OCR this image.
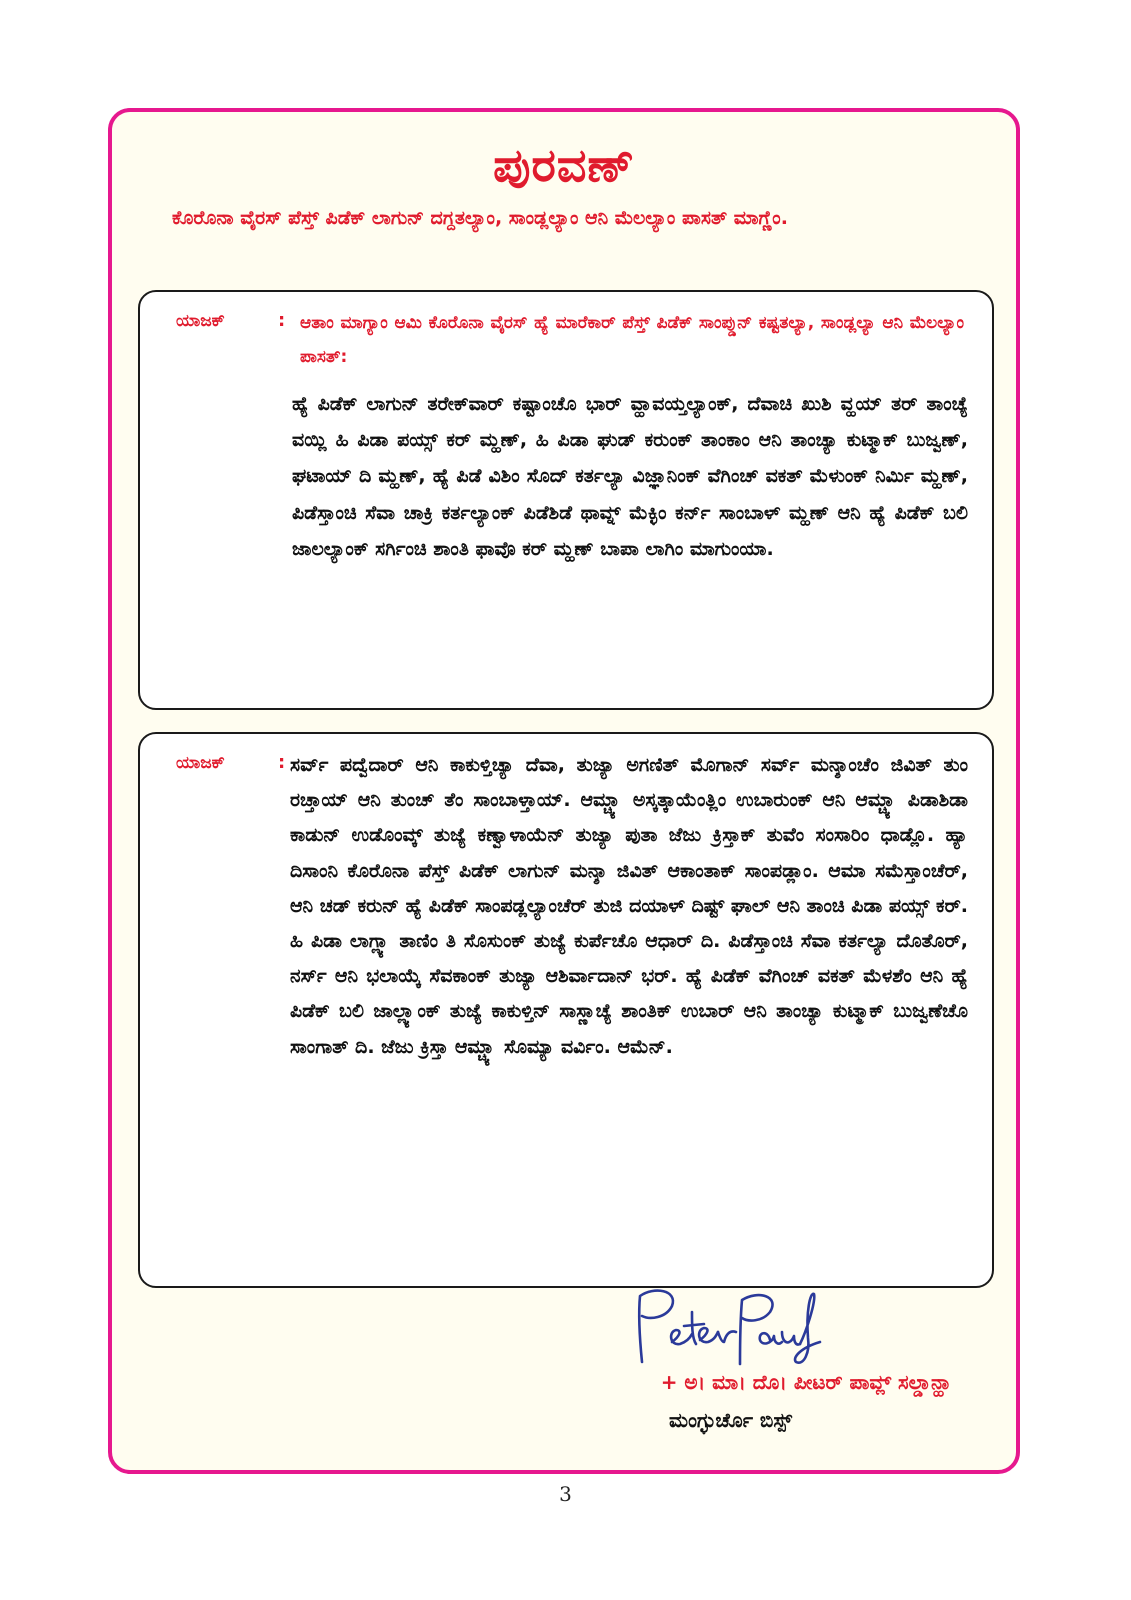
ಪುರವಣ್
ಕೊರೊನಾ ವೈರಸ್ ಪೆಸ್ತ್ ಪಿಡೆಕ್ ಲಾಗುನ್ ದಗ್ದತಲ್ಯಾಂ, ಸಾಂಡ್ಲಲ್ಯಾಂ ಆನಿ ಮೆಲಲ್ಯಾಂ ಪಾಸತ್ ಮಾಗ್ಣೆಂ.
ಯಾಜಕ್	: ಆತಾಂ ಮಾಗ್ಯಾಂ ಆಮಿ ಕೊರೊನಾ ವೈರಸ್ ಹ್ಯೆ ಮಾರೆಕಾರ್ ಪೆಸ್ತ್ ಪಿಡೆಕ್ ಸಾಂಪ್ಡುನ್ ಕಷ್ಟತಲ್ಯಾ, ಸಾಂಡ್ಲಲ್ಯಾ ಆನಿ ಮೆಲಲ್ಯಾಂ ಪಾಸತ್:
ಹ್ಯೆ ಪಿಡೆಕ್ ಲಾಗುನ್ ತರೇಕ್‌ವಾರ್ ಕಷ್ಟಾಂಚೊ ಭಾರ್ ವ್ಹಾವಯ್ತಲ್ಯಾಂಕ್, ದೆವಾಚಿ ಖುಶಿ ವ್ಹಯ್ ತರ್ ತಾಂಚ್ಯೆ ವಯ್ಲಿ ಹಿ ಪಿಡಾ ಪಯ್ಸ್ ಕರ್ ಮ್ಹಣ್, ಹಿ ಪಿಡಾ ಘುಡ್ ಕರುಂಕ್ ತಾಂಕಾಂ ಆನಿ ತಾಂಚ್ಯಾ ಕುಟ್ಮಾಕ್ ಬುಜ್ವಣ್, ಘಟಾಯ್ ದಿ ಮ್ಹಣ್, ಹ್ಯೆ ಪಿಡೆ ವಿಶಿಂ ಸೊದ್ ಕರ್ತಲ್ಯಾ ವಿಜ್ಞಾನಿಂಕ್ ವೆಗಿಂಚ್ ವಕತ್ ಮೆಳುಂಕ್ ನಿರ್ಮಿ ಮ್ಹಣ್, ಪಿಡೆಸ್ತಾಂಚಿ ಸೆವಾ ಚಾಕ್ರಿ ಕರ್ತಲ್ಯಾಂಕ್ ಪಿಡೆಶಿಡೆ ಥಾವ್ನ್ ಮೆಕ್ಳಿಂ ಕರ್ನ್ ಸಾಂಬಾಳ್ ಮ್ಹಣ್ ಆನಿ ಹ್ಯೆ ಪಿಡೆಕ್ ಬಲಿ ಜಾಲಲ್ಯಾಂಕ್ ಸರ್ಗಿಂಚಿ ಶಾಂತಿ ಫಾವೊ ಕರ್ ಮ್ಹಣ್ ಬಾಪಾ ಲಾಗಿಂ ಮಾಗುಂಯಾ.
ಯಾಜಕ್	: ಸರ್ವ್ ಪದ್ವೆದಾರ್ ಆನಿ ಕಾಕುಳ್ತಿಚ್ಯಾ ದೆವಾ, ತುಜ್ಯಾ ಅಗಣಿತ್ ಮೊಗಾನ್ ಸರ್ವ್ ಮನ್ಶಾಂಚೆಂ ಜಿವಿತ್ ತುಂ ರಚ್ತಾಯ್ ಆನಿ ತುಂಚ್ ತೆಂ ಸಾಂಬಾಳ್ತಾಯ್. ಆಮ್ಚ್ಯಾ ಅಸ್ಕತ್ಕಾಯೆಂತ್ಲಿಂ ಉಬಾರುಂಕ್ ಆನಿ ಆಮ್ಚ್ಯಾ ಪಿಡಾಶಿಡಾ ಕಾಡುನ್ ಉಡೊಂವ್ಕ್ ತುಜ್ಯೆ ಕಣ್ವಾಳಾಯೆನ್ ತುಜ್ಯಾ ಪುತಾ ಜೆಜು ಕ್ರಿಸ್ತಾಕ್ ತುವೆಂ ಸಂಸಾರಿಂ ಧಾಡ್ಲೊ. ಹ್ಯಾ ದಿಸಾಂನಿ ಕೊರೊನಾ ಪೆಸ್ತ್ ಪಿಡೆಕ್ ಲಾಗುನ್ ಮನ್ಶಾ ಜಿವಿತ್ ಆಕಾಂತಾಕ್ ಸಾಂಪಡ್ಲಾಂ. ಆಮಾ ಸಮೆಸ್ತಾಂಚೆರ್, ಆನಿ ಚಡ್ ಕರುನ್ ಹ್ಯೆ ಪಿಡೆಕ್ ಸಾಂಪಡ್ಲಲ್ಯಾಂಚೆರ್ ತುಜಿ ದಯಾಳ್ ದಿಷ್ಟ್ ಘಾಲ್ ಆನಿ ತಾಂಚಿ ಪಿಡಾ ಪಯ್ಸ್ ಕರ್. ಹಿ ಪಿಡಾ ಲಾಗ್ಲ್ಯಾ ತಾಣಿಂ ತಿ ಸೊಸುಂಕ್ ತುಜ್ಯೆ ಕುರ್ಪೆಚೊ ಆಧಾರ್ ದಿ. ಪಿಡೆಸ್ತಾಂಚಿ ಸೆವಾ ಕರ್ತಲ್ಯಾ ದೊತೊರ್, ನರ್ಸ್ ಆನಿ ಭಲಾಯ್ಕೆ ಸೆವಕಾಂಕ್ ತುಜ್ಯಾ ಆಶಿರ್ವಾದಾನ್ ಭರ್. ಹ್ಯೆ ಪಿಡೆಕ್ ವೆಗಿಂಚ್ ವಕತ್ ಮೆಳಶೆಂ ಆನಿ ಹ್ಯೆ ಪಿಡೆಕ್ ಬಲಿ ಜಾಲ್ಲ್ಯಾಂಕ್ ತುಜ್ಯೆ ಕಾಕುಳ್ತಿನ್ ಸಾಸ್ಣಾಚ್ಯೆ ಶಾಂತಿಕ್ ಉಬಾರ್ ಆನಿ ತಾಂಚ್ಯಾ ಕುಟ್ಮಾಕ್ ಬುಜ್ವಣೆಚೊ ಸಾಂಗಾತ್ ದಿ. ಜೆಜು ಕ್ರಿಸ್ತಾ ಆಮ್ಚ್ಯಾ ಸೊಮ್ಯಾ ವರ್ವಿಂ. ಆಮೆನ್.
+ ಅ। ಮಾ। ದೊ। ಪೀಟರ್ ಪಾವ್ಲ್ ಸಲ್ಡಾನ್ಹಾ
ಮಂಗ್ಳುರ್ಚೊ ಬಿಸ್ಪ್
3
